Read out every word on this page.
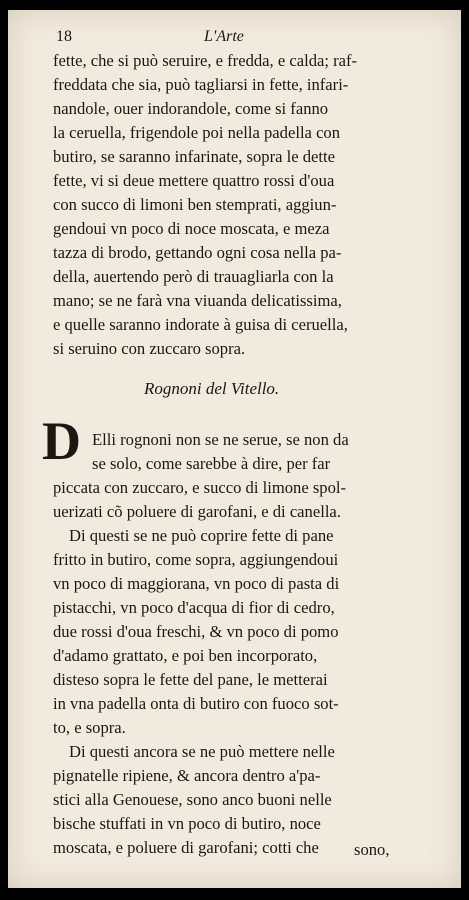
18	L'Arte
fette, che si può seruire, e fredda, e calda; raf-
freddata che sia, può tagliarsi in fette, infari-
nandole, ouer indorandole, come si fanno
la ceruella, frigendole poi nella padella con
butiro, se saranno infarinate, sopra le dette
fette, vi si deue mettere quattro rossi d'oua
con succo di limoni ben stemprati, aggiun-
gendoui vn poco di noce moscata, e meza
tazza di brodo, gettando ogni cosa nella pa-
della, auertendo però di trauagliarla con la
mano; se ne farà vna viuanda delicatissima,
e quelle saranno indorate à guisa di ceruella,
si seruino con zuccaro sopra.
Elli rognoni non se ne serue, se non da
se solo, come sarebbe à dire, per far
piccata con zuccaro, e succo di limone spol-
uerizati cõ poluere di garofani, e di canella.
Di questi se ne può coprire fette di pane
fritto in butiro, come sopra, aggiungendoui
vn poco di maggiorana, vn poco di pasta di
pistacchi, vn poco d'acqua di fior di cedro,
due rossi d'oua freschi, & vn poco di pomo
d'adamo grattato, e poi ben incorporato,
disteso sopra le fette del pane, le metterai
in vna padella onta di butiro con fuoco sot-
to, e sopra.
Di questi ancora se ne può mettere nelle
pignatelle ripiene, & ancora dentro a'pa-
stici alla Genouese, sono anco buoni nelle
bische stuffati in vn poco di butiro, noce
moscata, e poluere di garofani; cotti che
Rognoni del Vitello.
D
sono,
